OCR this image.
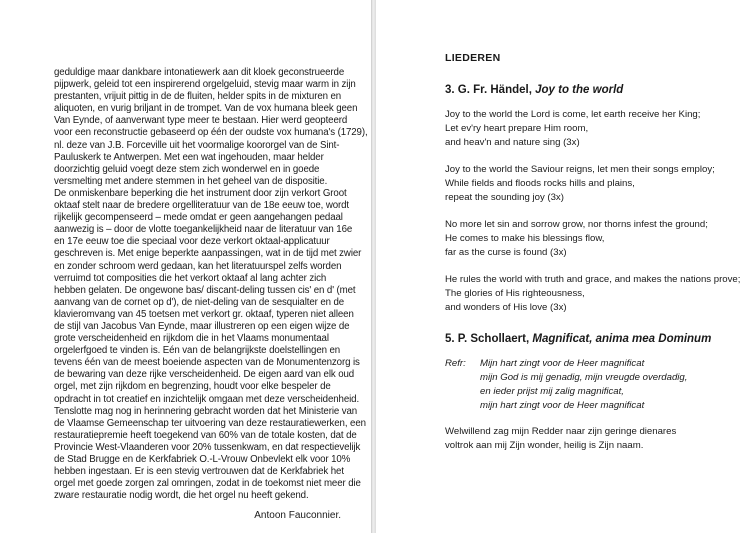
geduldige maar dankbare intonatiewerk aan dit kloek geconstrueerde
pijpwerk, geleid tot een inspirerend orgelgeluid, stevig maar warm in zijn
prestanten, vrijuit pittig in de de fluiten, helder spits in de mixturen en
aliquoten, en vurig briljant in de trompet. Van de vox humana bleek geen
Van Eynde, of aanverwant type meer te bestaan. Hier werd geopteerd
voor een reconstructie gebaseerd op één der oudste vox humana's (1729),
nl. deze van J.B. Forceville uit het voormalige koororgel van de Sint-
Pauluskerk te Antwerpen. Met een wat ingehouden, maar helder
doorzichtig geluid voegt deze stem zich wonderwel en in goede
versmelting met andere stemmen in het geheel van de dispositie.
De onmiskenbare beperking die het instrument door zijn verkort Groot
oktaaf stelt naar de bredere orgelliteratuur van de 18e eeuw toe, wordt
rijkelijk gecompenseerd – mede omdat er geen aangehangen pedaal
aanwezig is – door de vlotte toegankelijkheid naar de literatuur van 16e
en 17e eeuw toe die speciaal voor deze verkort oktaal-applicatuur
geschreven is. Met enige beperkte aanpassingen, wat in de tijd met zwier
en zonder schroom werd gedaan, kan het literatuurspel zelfs worden
verruimd tot composities die het verkort oktaaf al lang achter zich
hebben gelaten. De ongewone bas/ discant-deling tussen cis' en d' (met
aanvang van de cornet op d'), de niet-deling van de sesquialter en de
klavieromvang van 45 toetsen met verkort gr. oktaaf, typeren niet alleen
de stijl van Jacobus Van Eynde, maar illustreren op een eigen wijze de
grote verscheidenheid en rijkdom die in het Vlaams monumentaal
orgelerfgoed te vinden is. Eén van de belangrijkste doelstellingen en
tevens één van de meest boeiende aspecten van de Monumentenzorg is
de bewaring van deze rijke verscheidenheid. De eigen aard van elk oud
orgel, met zijn rijkdom en begrenzing, houdt voor elke bespeler de
opdracht in tot creatief en inzichtelijk omgaan met deze verscheidenheid.
Tenslotte mag nog in herinnering gebracht worden dat het Ministerie van
de Vlaamse Gemeenschap ter uitvoering van deze restauratiewerken, een
restauratiepremie heeft toegekend van 60% van de totale kosten, dat de
Provincie West-Vlaanderen voor 20% tussenkwam, en dat respectievelijk
de Stad Brugge en de Kerkfabriek O.-L-Vrouw Onbevlekt elk voor 10%
hebben ingestaan. Er is een stevig vertrouwen dat de Kerkfabriek het
orgel met goede zorgen zal omringen, zodat in de toekomst niet meer die
zware restauratie nodig wordt, die het orgel nu heeft gekend.
Antoon Fauconnier.
LIEDEREN
3. G. Fr. Händel, Joy to the world
Joy to the world the Lord is come, let earth receive her King;
Let ev'ry heart prepare Him room,
and heav'n and nature sing (3x)
Joy to the world the Saviour reigns, let men their songs employ;
While fields and floods rocks hills and plains,
repeat the sounding joy (3x)
No more let sin and sorrow grow, nor thorns infest the ground;
He comes to make his blessings flow,
far as the curse is found (3x)
He rules the world with truth and grace, and makes the nations prove;
The glories of His righteousness,
and wonders of His love (3x)
5. P. Schollaert, Magnificat, anima mea Dominum
Refr:	Mijn hart zingt voor de Heer magnificat
mijn God is mij genadig, mijn vreugde overdadig,
en ieder prijst mij zalig magnificat,
mijn hart zingt voor de Heer magnificat
Welwillend zag mijn Redder naar zijn geringe dienares
voltrok aan mij Zijn wonder, heilig is Zijn naam.
